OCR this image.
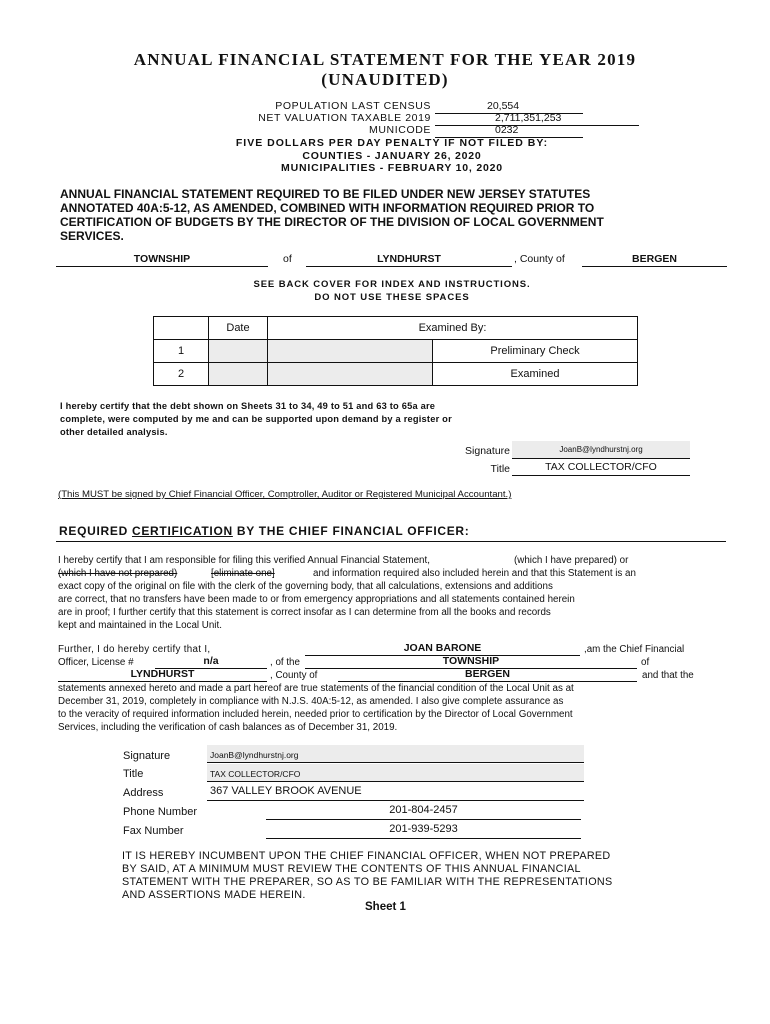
ANNUAL FINANCIAL STATEMENT FOR THE YEAR 2019
(UNAUDITED)
POPULATION LAST CENSUS	20,554
NET VALUATION TAXABLE 2019	2,711,351,253
MUNICODE	0232
FIVE DOLLARS PER DAY PENALTY IF NOT FILED BY:
COUNTIES - JANUARY 26, 2020
MUNICIPALITIES - FEBRUARY 10, 2020
ANNUAL FINANCIAL STATEMENT REQUIRED TO BE FILED UNDER NEW JERSEY STATUTES
ANNOTATED 40A:5-12, AS AMENDED, COMBINED WITH INFORMATION REQUIRED PRIOR TO
CERTIFICATION OF BUDGETS BY THE DIRECTOR OF THE DIVISION OF LOCAL GOVERNMENT
SERVICES.
TOWNSHIP	of	LYNDHURST	, County of	BERGEN
SEE BACK COVER FOR INDEX AND INSTRUCTIONS.
DO NOT USE THESE SPACES
	Date	Examined By:	
1			Preliminary Check
2			Examined
I hereby certify that the debt shown on Sheets 31 to 34, 49 to 51 and 63 to 65a are
complete, were computed by me and can be supported upon demand by a register or
other detailed analysis.
Signature	JoanB@lyndhurstnj.org
Title	TAX COLLECTOR/CFO
(This MUST be signed by Chief Financial Officer, Comptroller, Auditor or Registered Municipal Accountant.)
REQUIRED CERTIFICATION BY THE CHIEF FINANCIAL OFFICER:
I hereby certify that I am responsible for filing this verified Annual Financial Statement,	(which I have prepared) or
(which I have not prepared)	[eliminate one]	and information required also included herein and that this Statement is an
exact copy of the original on file with the clerk of the governing body, that all calculations, extensions and additions
are correct, that no transfers have been made to or from emergency appropriations and all statements contained herein
are in proof; I further certify that this statement is correct insofar as I can determine from all the books and records
kept and maintained in the Local Unit.
Further, I do hereby certify that I,	JOAN BARONE	,am the Chief Financial
Officer, License #	n/a	, of the	TOWNSHIP	of
LYNDHURST	, County of	BERGEN	and that the
statements annexed hereto and made a part hereof are true statements of the financial condition of the Local Unit as at
December 31, 2019, completely in compliance with N.J.S. 40A:5-12, as amended. I also give complete assurance as
to the veracity of required information included herein, needed prior to certification by the Director of Local Government
Services, including the verification of cash balances as of December 31, 2019.
Signature	JoanB@lyndhurstnj.org
Title	TAX COLLECTOR/CFO
Address	367 VALLEY BROOK AVENUE
Phone Number	201-804-2457
Fax Number	201-939-5293
IT IS HEREBY INCUMBENT UPON THE CHIEF FINANCIAL OFFICER, WHEN NOT PREPARED
BY SAID, AT A MINIMUM MUST REVIEW THE CONTENTS OF THIS ANNUAL FINANCIAL
STATEMENT WITH THE PREPARER, SO AS TO BE FAMILIAR WITH THE REPRESENTATIONS
AND ASSERTIONS MADE HEREIN.
Sheet 1
